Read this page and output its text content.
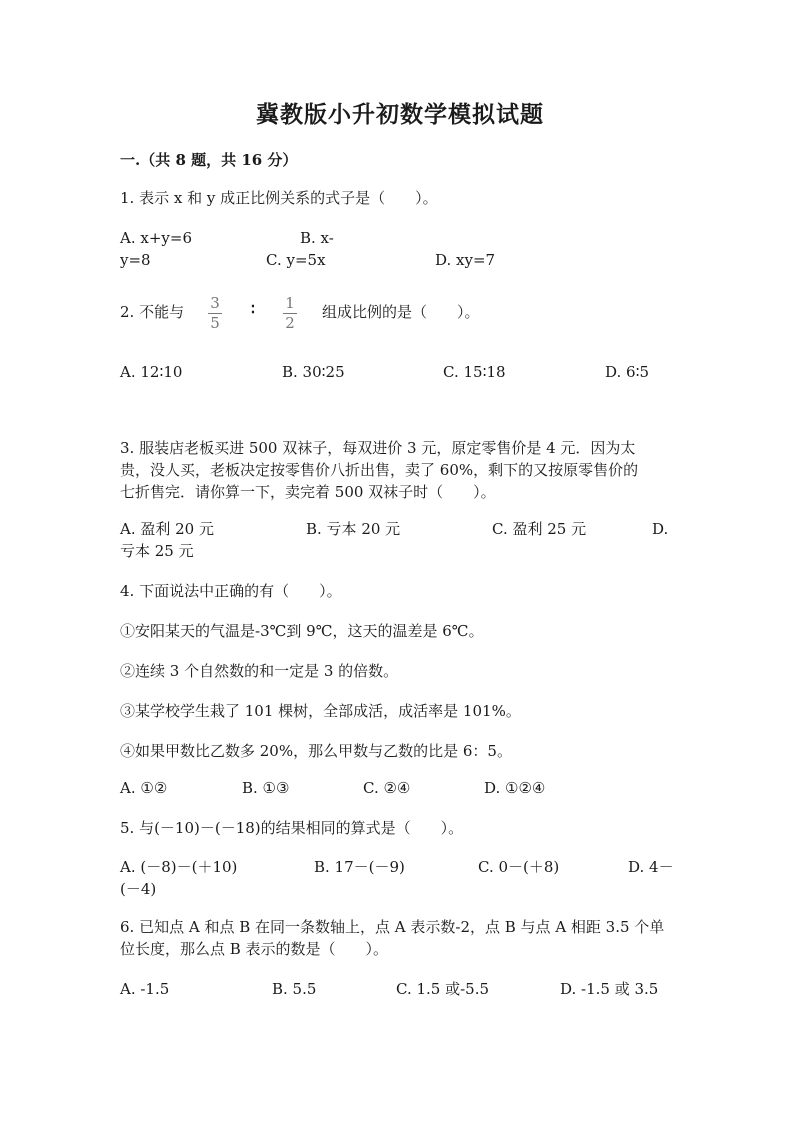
冀教版小升初数学模拟试题
一.（共 8 题，共 16 分）
1. 表示 x 和 y 成正比例关系的式子是（　　）。
A. x+y=6	B. x-
y=8	C. y=5x	D. xy=7
2. 不能与 3
5
∶ 1
2
组成比例的是（　　）。
A. 12∶10	B. 30∶25	C. 15∶18	D. 6∶5
3. 服装店老板买进 500 双袜子，每双进价 3 元，原定零售价是 4 元．因为太
贵，没人买，老板决定按零售价八折出售，卖了 60%，剩下的又按原零售价的
七折售完．请你算一下，卖完着 500 双袜子时（　　）。
A. 盈利 20 元	B. 亏本 20 元	C. 盈利 25 元	D.
亏本 25 元
4. 下面说法中正确的有（　　）。
①安阳某天的气温是-3℃到 9℃，这天的温差是 6℃。
②连续 3 个自然数的和一定是 3 的倍数。
③某学校学生栽了 101 棵树，全部成活，成活率是 101%。
④如果甲数比乙数多 20%，那么甲数与乙数的比是 6：5。
A. ①②	B. ①③	C. ②④	D. ①②④
5. 与(－10)－(－18)的结果相同的算式是（　　）。
A. (－8)－(＋10)	B. 17－(－9)	C. 0－(＋8)	D. 4－
(－4)
6. 已知点 A 和点 B 在同一条数轴上，点 A 表示数-2，点 B 与点 A 相距 3.5 个单
位长度，那么点 B 表示的数是（　　）。
A. -1.5	B. 5.5	C. 1.5 或-5.5	D. -1.5 或 3.5
